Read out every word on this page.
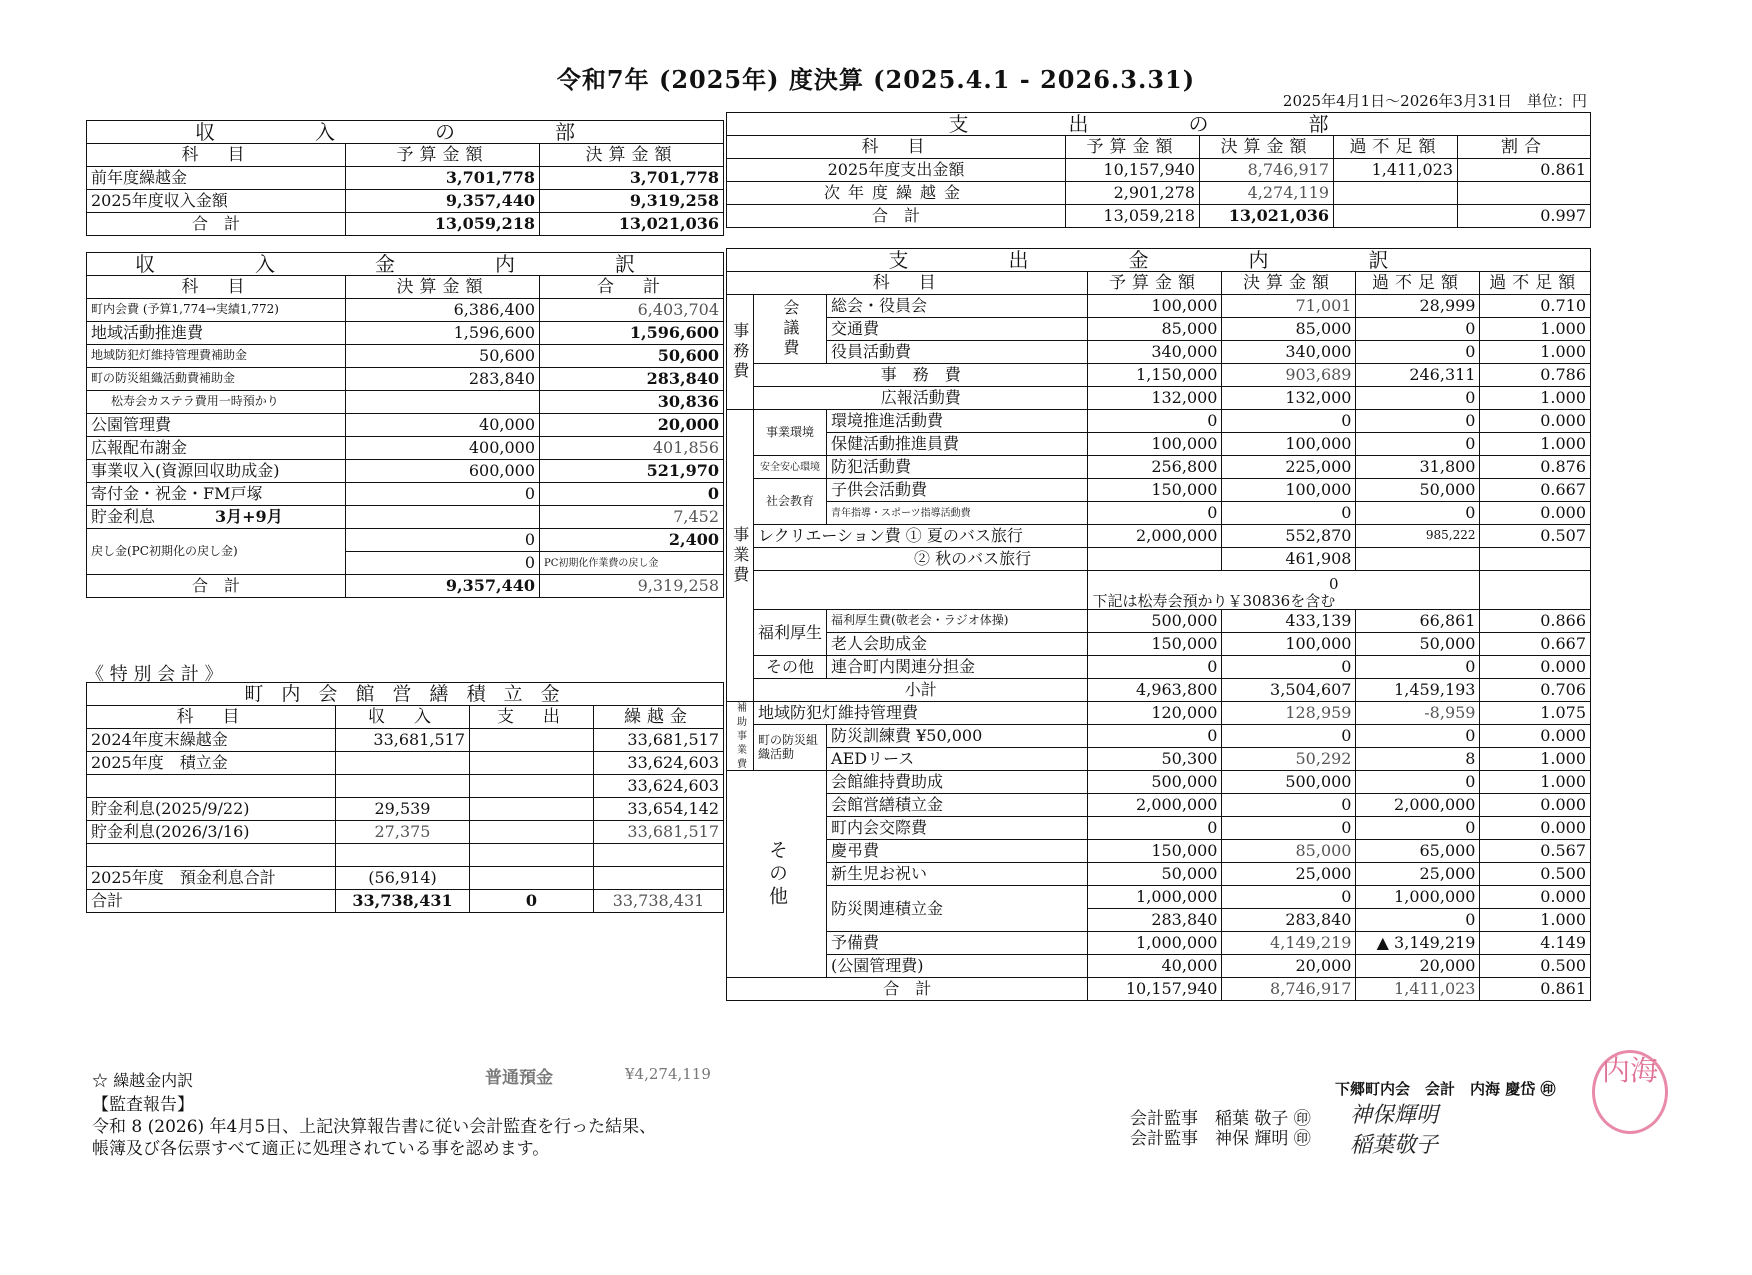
令和7年 (2025年) 度決算 (2025.4.1 - 2026.3.31)
2025年4月1日～2026年3月31日　単位：円
収　入　の　部		
科　目	予算金額	決算金額
前年度繰越金	3,701,778	3,701,778
2025年度収入金額	9,357,440	9,319,258
合　計	13,059,218	13,021,036
収　入　金　内　訳		
科　目	決算金額	合　計
町内会費 (予算1,774→実績1,772)	6,386,400	6,403,704
地域活動推進費	1,596,600	1,596,600
地域防犯灯維持管理費補助金	50,600	50,600
町の防災組織活動費補助金	283,840	283,840
松寿会カステラ費用一時預かり		30,836
公園管理費	40,000	20,000
広報配布謝金	400,000	401,856
事業収入(資源回収助成金)	600,000	521,970
寄付金・祝金・FM戸塚	0	0
貯金利息 3月+9月		7,452
戻し金(PC初期化の戻し金)	0	2,400
	0	PC初期化作業費の戻し金
合　計	9,357,440	9,319,258
《 特 別 会 計 》
町 内 会 館 営 繕 積 立 金			
科　目	収　入	支　出	繰越金
2024年度末繰越金	33,681,517		33,681,517
2025年度　積立金			33,624,603
			33,624,603
貯金利息(2025/9/22)	29,539		33,654,142
貯金利息(2026/3/16)	27,375		33,681,517

2025年度　預金利息合計	(56,914)		
合計	33,738,431	0	33,738,431
支　出　の　部				
科　目	予算金額	決算金額	過不足額	割合
2025年度支出金額	10,157,940	8,746,917	1,411,023	0.861
次年度繰越金	2,901,278	4,274,119		
合　計	13,059,218	13,021,036		0.997
支　出　金　内　訳						
科　目			予算金額	決算金額	過不足額	過不足額
事務費	会議費	総会・役員会	100,000	71,001	28,999	0.710
		交通費	85,000	85,000	0	1.000
		役員活動費	340,000	340,000	0	1.000
	事　務　費		1,150,000	903,689	246,311	0.786
	広報活動費		132,000	132,000	0	1.000
事業費	事業環境	環境推進活動費	0	0	0	0.000
		保健活動推進員費	100,000	100,000	0	1.000
	安全安心環境	防犯活動費	256,800	225,000	31,800	0.876
	社会教育	子供会活動費	150,000	100,000	50,000	0.667
		青年指導・スポーツ指導活動費	0	0	0	0.000
	レクリエーション費 ① 夏のバス旅行		2,000,000	552,870	985,222	0.507
	② 秋のバス旅行			461,908		

			0
下記は松寿会預かり￥30836を含む			

	福利厚生	福利厚生費(敬老会・ラジオ体操)	500,000	433,139	66,861	0.866
		老人会助成金	150,000	100,000	50,000	0.667
	その他	連合町内関連分担金	0	0	0	0.000
	小計		4,963,800	3,504,607	1,459,193	0.706
補助事業費	地域防犯灯維持管理費		120,000	128,959	-8,959	1.075
	町の防災組織活動	防災訓練費 ¥50,000	0	0	0	0.000
		AEDリース	50,300	50,292	8	1.000
その他		会館維持費助成	500,000	500,000	0	1.000
		会館営繕積立金	2,000,000	0	2,000,000	0.000
		町内会交際費	0	0	0	0.000
		慶弔費	150,000	85,000	65,000	0.567
		新生児お祝い	50,000	25,000	25,000	0.500
		防災関連積立金	1,000,000	0	1,000,000	0.000
			283,840	283,840	0	1.000
		予備費	1,000,000	4,149,219	▲ 3,149,219	4.149
		(公園管理費)	40,000	20,000	20,000	0.500
合　計			10,157,940	8,746,917	1,411,023	0.861
☆ 繰越金内訳	普通預金	¥4,274,119
【監査報告】
令和 8 (2026) 年4月5日、上記決算報告書に従い会計監査を行った結果、
帳簿及び各伝票すべて適正に処理されている事を認めます。
下郷町内会　会計　内海 慶岱 ㊞
会計監事　稲葉 敬子 ㊞
会計監事　神保 輝明 ㊞
神保輝明
稲葉敬子
内海
